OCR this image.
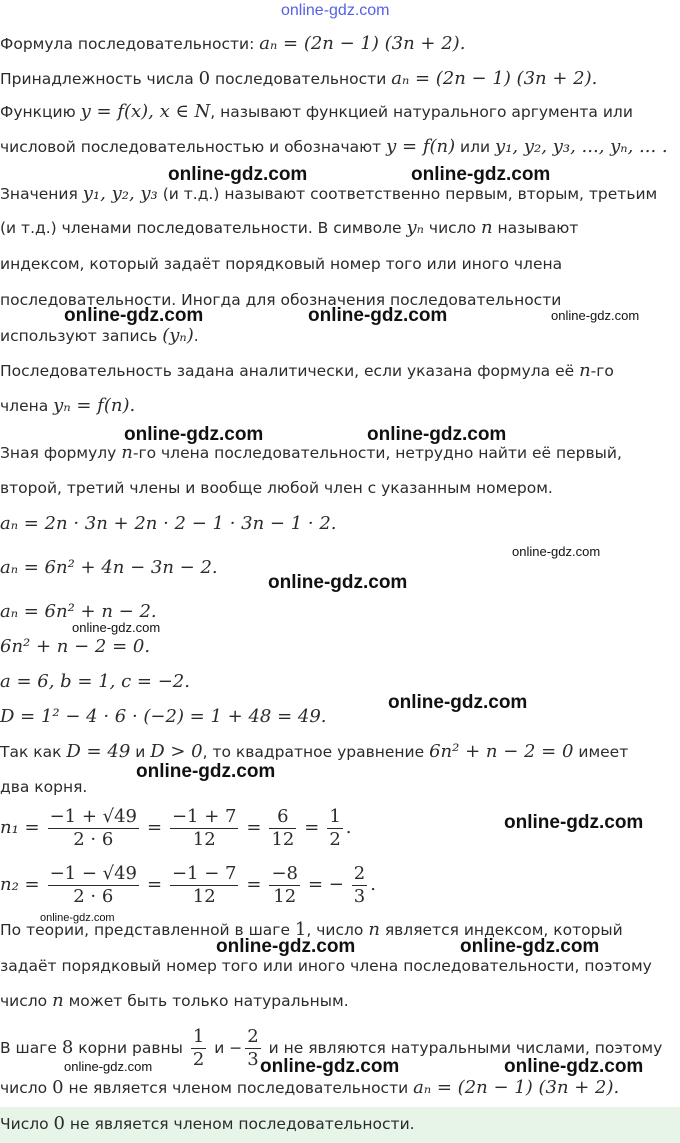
online-gdz.com
Формула последовательности: aₙ = (2n − 1) (3n + 2).
Принадлежность числа 0 последовательности aₙ = (2n − 1) (3n + 2).
Функцию y = f(x), x ∈ N, называют функцией натурального аргумента или
числовой последовательностью и обозначают y = f(n) или y₁, y₂, y₃, ..., yₙ, ... .
Значения y₁, y₂, y₃ (и т.д.) называют соответственно первым, вторым, третьим
(и т.д.) членами последовательности. В символе yₙ число n называют
индексом, который задаёт порядковый номер того или иного члена
последовательности. Иногда для обозначения последовательности
используют запись (yₙ).
Последовательность задана аналитически, если указана формула её n-го
члена yₙ = f(n).
Зная формулу n-го члена последовательности, нетрудно найти её первый,
второй, третий члены и вообще любой член с указанным номером.
aₙ = 2n · 3n + 2n · 2 − 1 · 3n − 1 · 2.
aₙ = 6n² + 4n − 3n − 2.
aₙ = 6n² + n − 2.
6n² + n − 2 = 0.
a = 6, b = 1, c = −2.
D = 1² − 4 · 6 · (−2) = 1 + 48 = 49.
Так как D = 49 и D > 0, то квадратное уравнение 6n² + n − 2 = 0 имеет
два корня.
$n_1 = \frac{-1 + √49}{2 \cdot 6} = \frac{-1 + 7}{12} = \frac{6}{12} = \frac{1}{2}$ .
$n_2 = \frac{-1 - √49}{2 \cdot 6} = \frac{-1 - 7}{12} = \frac{-8}{12}$ = − $\frac{2}{3}$ .
По теории, представленной в шаге 1, число n является индексом, который
задаёт порядковый номер того или иного члена последовательности, поэтому
число n может быть только натуральным.
В шаге 8 корни равны $\frac{1}{2}$ $и - \frac{2}{3}$ и не являются натуральными числами, поэтому
число 0 не является членом последовательности aₙ = (2n − 1) (3n + 2).
Число 0 не является членом последовательности.
online-gdz.com	online-gdz.com
online-gdz.com	online-gdz.com	online-gdz.com
online-gdz.com	online-gdz.com
online-gdz.com
online-gdz.com
online-gdz.com
online-gdz.com
online-gdz.com
online-gdz.com
online-gdz.com
online-gdz.com	online-gdz.com
online-gdz.com	online-gdz.com	online-gdz.com
